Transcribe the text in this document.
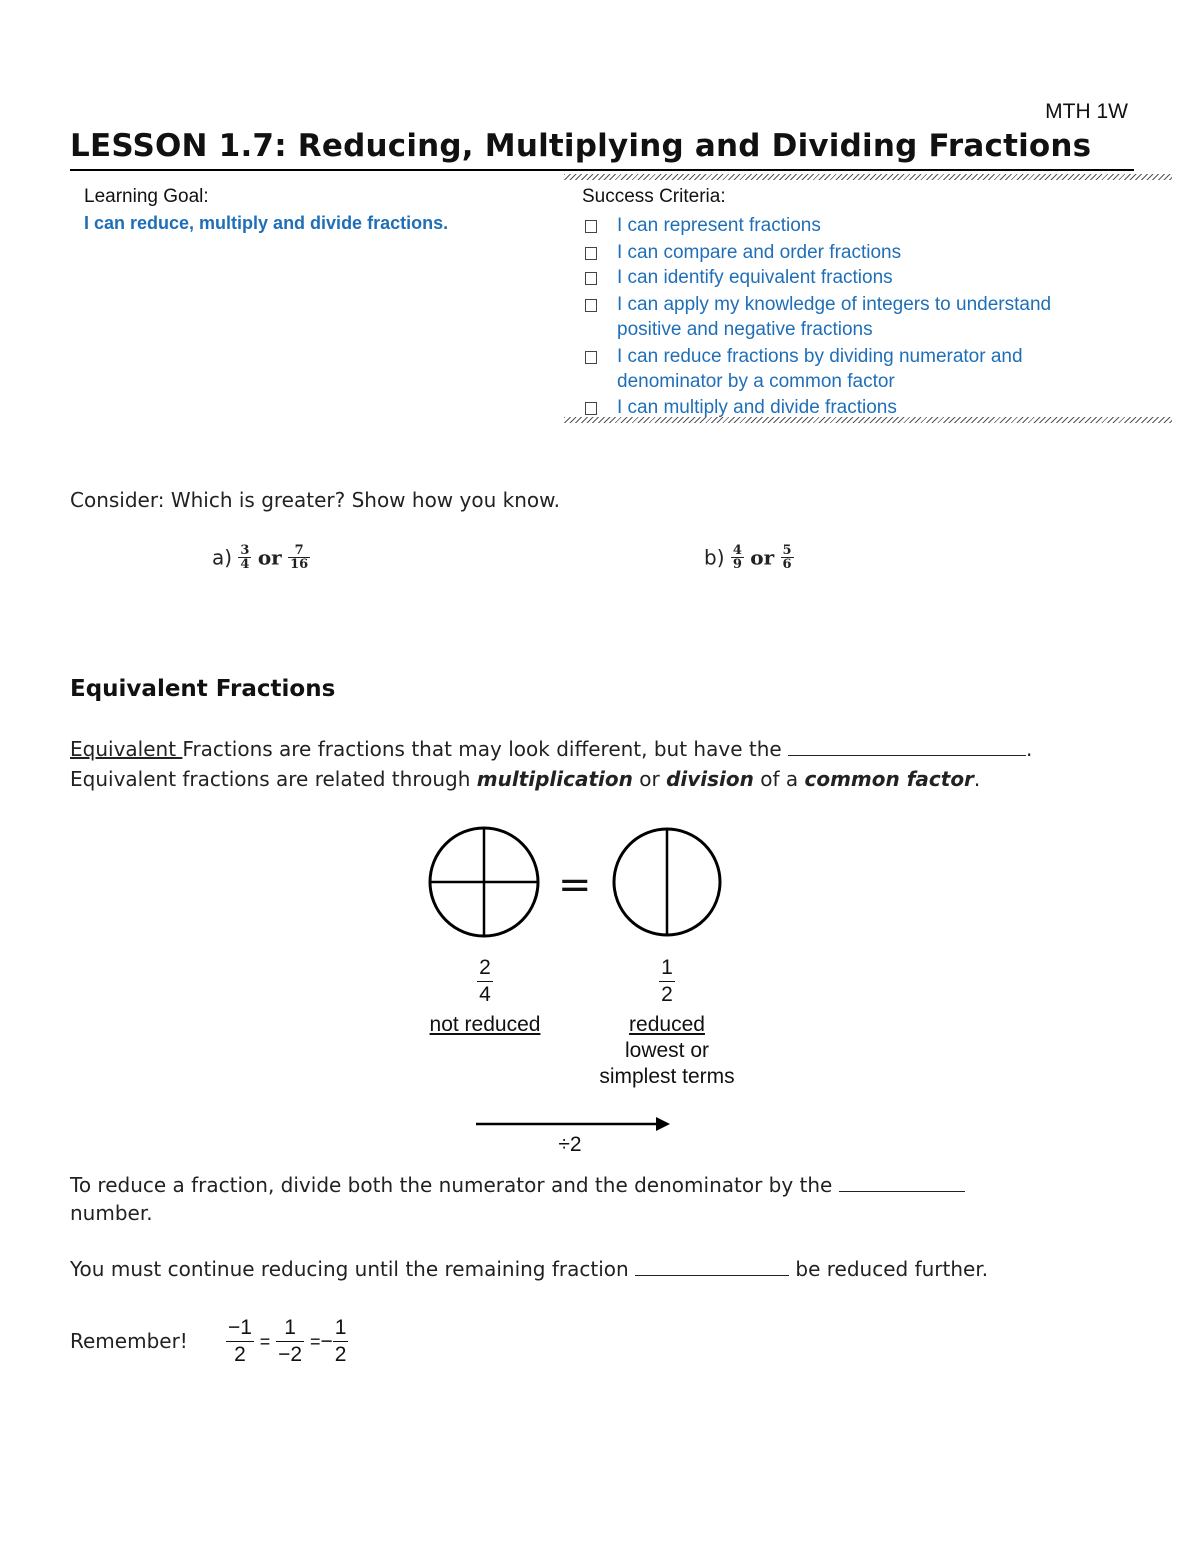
MTH 1W
LESSON 1.7: Reducing, Multiplying and Dividing Fractions
Learning Goal:
I can reduce, multiply and divide fractions.
Success Criteria:
I can represent fractions
I can compare and order fractions
I can identify equivalent fractions
I can apply my knowledge of integers to understand
positive and negative fractions
I can reduce fractions by dividing numerator and
denominator by a common factor
I can multiply and divide fractions
Consider: Which is greater? Show how you know.
$a) \frac{3}{4}$ or $\frac{7}{16}$	$b) \frac{4}{9}$ or $\frac{5}{6}$
Equivalent Fractions
Equivalent Fractions are fractions that may look different, but have the	.
Equivalent fractions are related through multiplication or division of a common factor.
=
$\frac{2}{4}$
not reduced
$\frac{1}{2}$
reduced
lowest or
simplest terms
÷2
To reduce a fraction, divide both the numerator and the denominator by the
number.
You must continue reducing until the remaining fraction	be reduced further.
Remember! $\frac{-1}{2} = \frac{1}{-2} =- \frac{1}{2}$
